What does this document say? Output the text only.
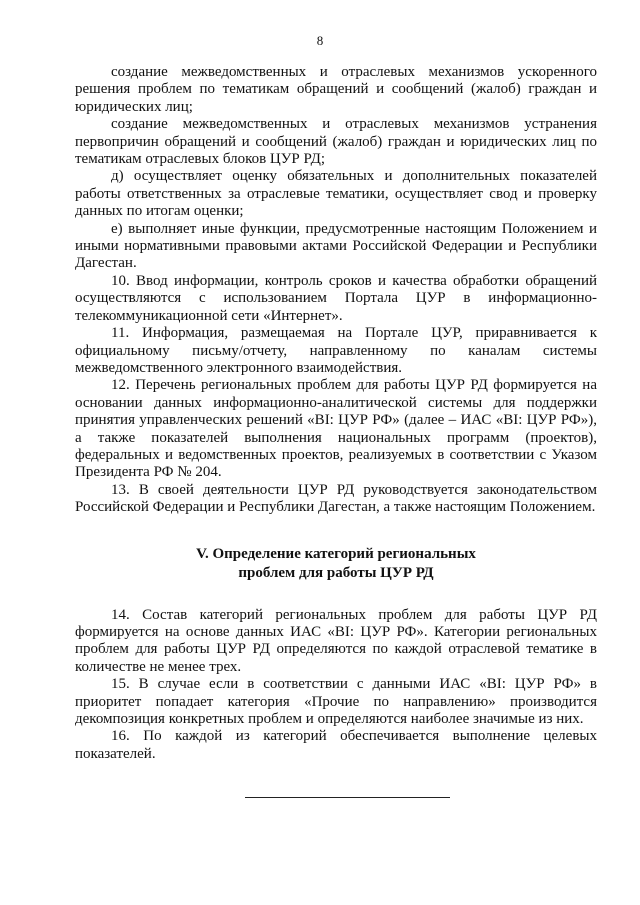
8

создание межведомственных и отраслевых механизмов ускоренного решения проблем по тематикам обращений и сообщений (жалоб) граждан и юридических лиц;

создание межведомственных и отраслевых механизмов устранения первопричин обращений и сообщений (жалоб) граждан и юридических лиц по тематикам отраслевых блоков ЦУР РД;

д) осуществляет оценку обязательных и дополнительных показателей работы ответственных за отраслевые тематики, осуществляет свод и проверку данных по итогам оценки;

е) выполняет иные функции, предусмотренные настоящим Положением и иными нормативными правовыми актами Российской Федерации и Республики Дагестан.

10. Ввод информации, контроль сроков и качества обработки обращений осуществляются с использованием Портала ЦУР в информационно-телекоммуникационной сети «Интернет».

11. Информация, размещаемая на Портале ЦУР, приравнивается к официальному письму/отчету, направленному по каналам системы межведомственного электронного взаимодействия.

12. Перечень региональных проблем для работы ЦУР РД формируется на основании данных информационно-аналитической системы для поддержки принятия управленческих решений «BI: ЦУР РФ» (далее – ИАС «BI: ЦУР РФ»), а также показателей выполнения национальных программ (проектов), федеральных и ведомственных проектов, реализуемых в соответствии с Указом Президента РФ № 204.

13. В своей деятельности ЦУР РД руководствуется законодательством Российской Федерации и Республики Дагестан, а также настоящим Положением.

V. Определение категорий региональных
проблем для работы ЦУР РД

14. Состав категорий региональных проблем для работы ЦУР РД формируется на основе данных ИАС «BI: ЦУР РФ». Категории региональных проблем для работы ЦУР РД определяются по каждой отраслевой тематике в количестве не менее трех.

15. В случае если в соответствии с данными ИАС «BI: ЦУР РФ» в приоритет попадает категория «Прочие по направлению» производится декомпозиция конкретных проблем и определяются наиболее значимые из них.

16. По каждой из категорий обеспечивается выполнение целевых показателей.
